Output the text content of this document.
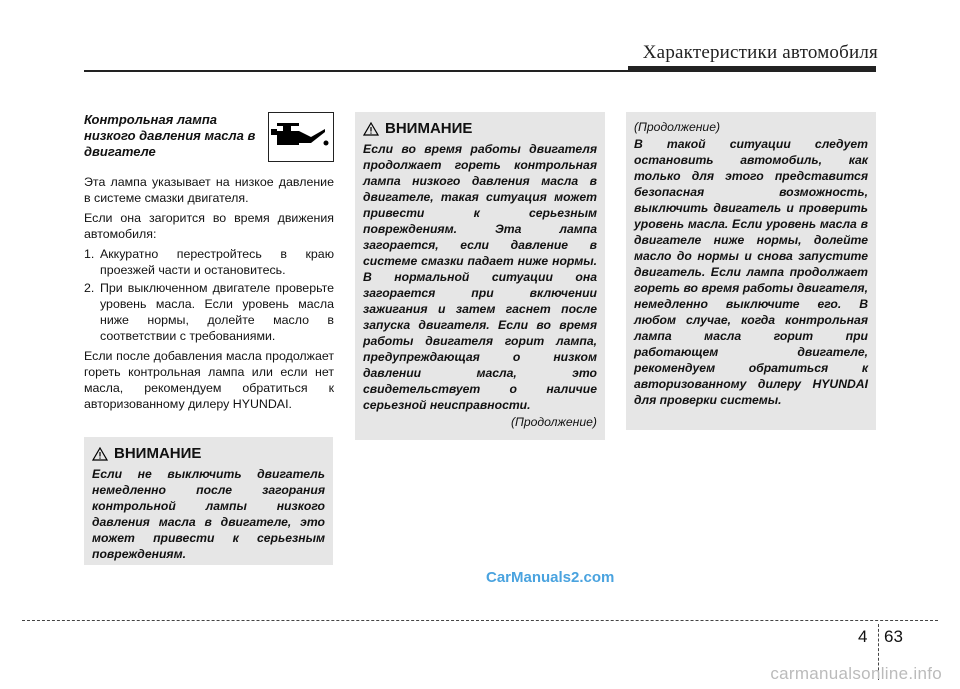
Характеристики автомобиля
Контрольная лампа низкого давления масла в двигателе

Эта лампа указывает на низкое давление в системе смазки двигателя.

Если она загорится во время движения автомобиля:

1. Аккуратно перестройтесь в краю проезжей части и остановитесь.
2. При выключенном двигателе проверьте уровень масла. Если уровень масла ниже нормы, долейте масло в соответствии с требованиями.

Если после добавления масла продолжает гореть контрольная лампа или если нет масла, рекомендуем обратиться к авторизованному дилеру HYUNDAI.

ВНИМАНИЕ

Если не выключить двигатель немедленно после загорания контрольной лампы низкого давления масла в двигателе, это может привести к серьезным повреждениям.

ВНИМАНИЕ

Если во время работы двигателя продолжает гореть контрольная лампа низкого давления масла в двигателе, такая ситуация может привести к серьезным повреждениям. Эта лампа загорается, если давление в системе смазки падает ниже нормы. В нормальной ситуации она загорается при включении зажигания и затем гаснет после запуска двигателя. Если во время работы двигателя горит лампа, предупреждающая о низком давлении масла, это свидетельствует о наличие серьезной неисправности.

(Продолжение)
(Продолжение)

В такой ситуации следует остановить автомобиль, как только для этого представится безопасная возможность, выключить двигатель и проверить уровень масла. Если уровень масла в двигателе ниже нормы, долейте масло до нормы и снова запустите двигатель. Если лампа продолжает гореть во время работы двигателя, немедленно выключите его. В любом случае, когда контрольная лампа масла горит при работающем двигателе, рекомендуем обратиться к авторизованному дилеру HYUNDAI для проверки системы.

CarManuals2.com
4 63
carmanualsonline.info
